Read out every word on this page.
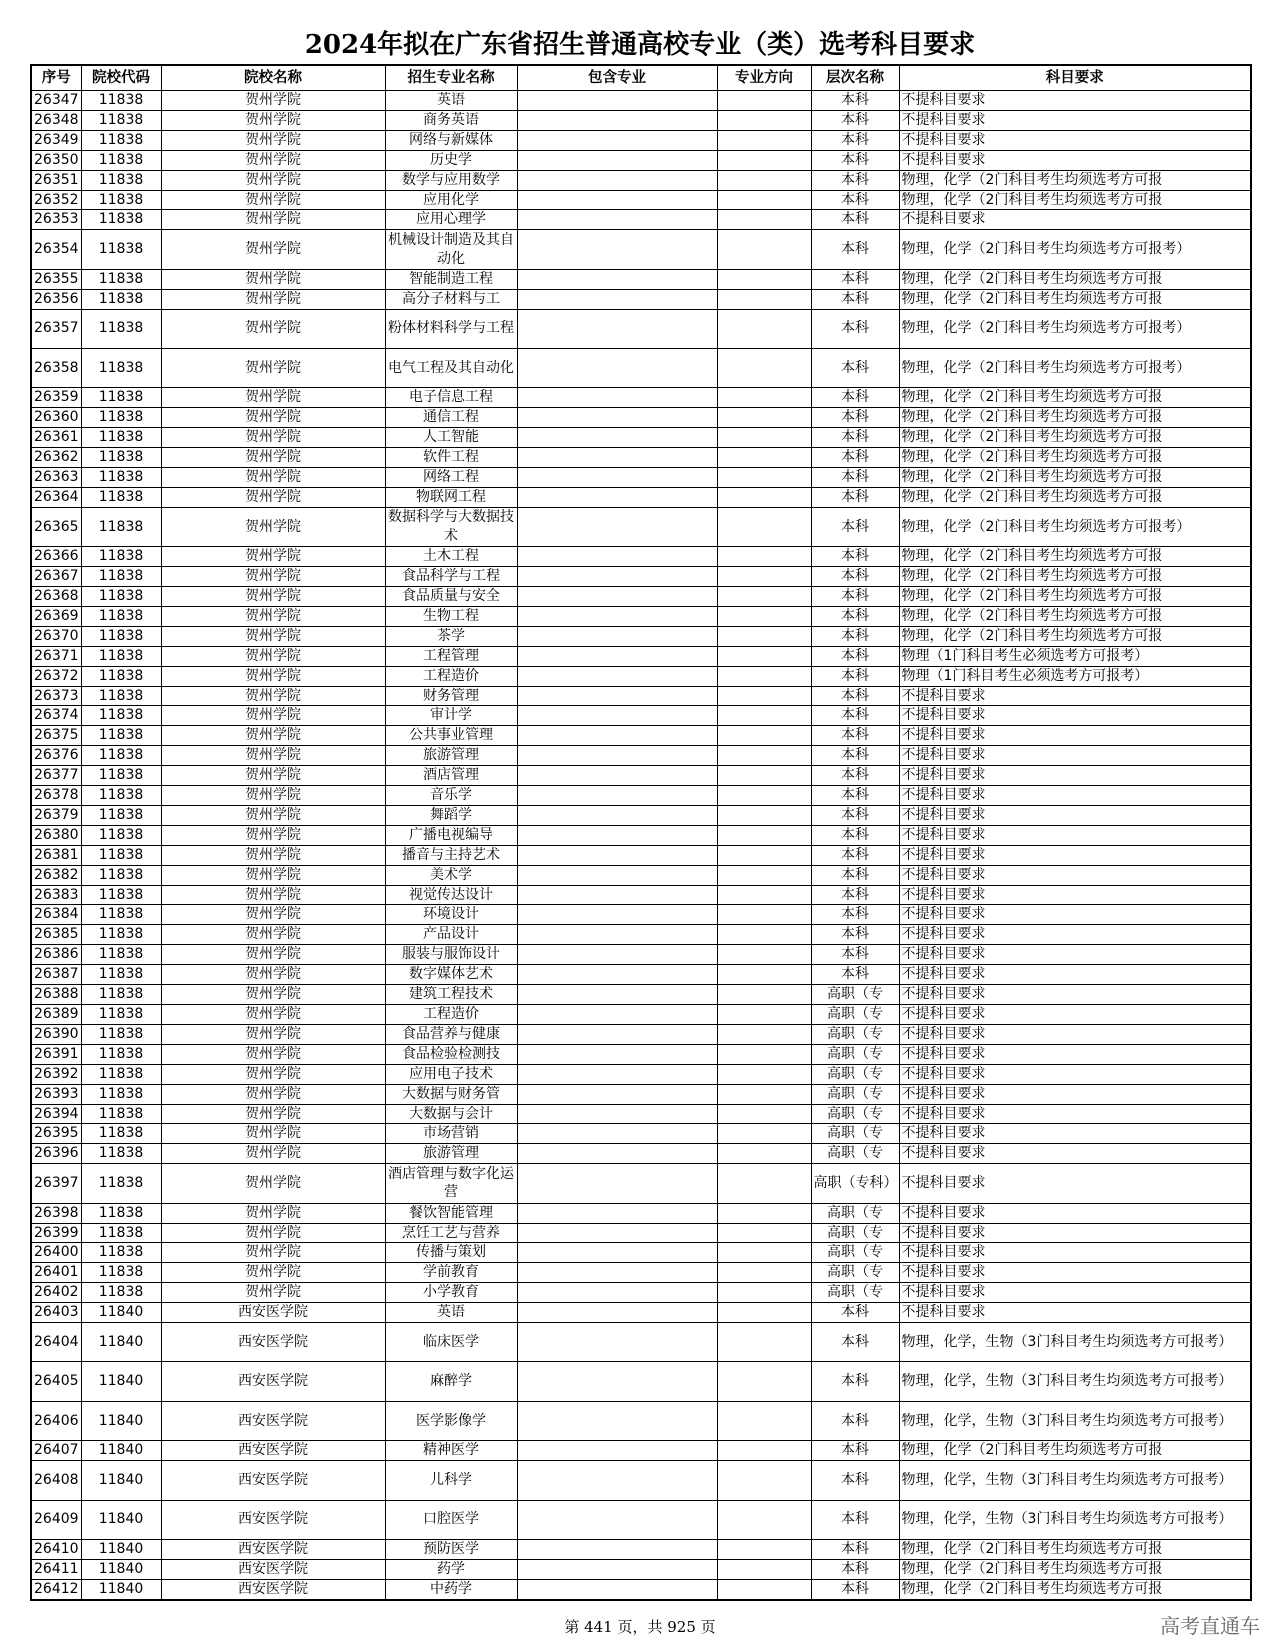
2024年拟在广东省招生普通高校专业（类）选考科目要求
序号	院校代码	院校名称	招生专业名称	包含专业	专业方向	层次名称	科目要求
26347	11838	贺州学院	英语			本科	不提科目要求
26348	11838	贺州学院	商务英语			本科	不提科目要求
26349	11838	贺州学院	网络与新媒体			本科	不提科目要求
26350	11838	贺州学院	历史学			本科	不提科目要求
26351	11838	贺州学院	数学与应用数学			本科	物理，化学（2门科目考生均须选考方可报
26352	11838	贺州学院	应用化学			本科	物理，化学（2门科目考生均须选考方可报
26353	11838	贺州学院	应用心理学			本科	不提科目要求
26354	11838	贺州学院	机械设计制造及其自动化			本科	物理，化学（2门科目考生均须选考方可报考）
26355	11838	贺州学院	智能制造工程			本科	物理，化学（2门科目考生均须选考方可报
26356	11838	贺州学院	高分子材料与工			本科	物理，化学（2门科目考生均须选考方可报
26357	11838	贺州学院	粉体材料科学与工程			本科	物理，化学（2门科目考生均须选考方可报考）
26358	11838	贺州学院	电气工程及其自动化			本科	物理，化学（2门科目考生均须选考方可报考）
26359	11838	贺州学院	电子信息工程			本科	物理，化学（2门科目考生均须选考方可报
26360	11838	贺州学院	通信工程			本科	物理，化学（2门科目考生均须选考方可报
26361	11838	贺州学院	人工智能			本科	物理，化学（2门科目考生均须选考方可报
26362	11838	贺州学院	软件工程			本科	物理，化学（2门科目考生均须选考方可报
26363	11838	贺州学院	网络工程			本科	物理，化学（2门科目考生均须选考方可报
26364	11838	贺州学院	物联网工程			本科	物理，化学（2门科目考生均须选考方可报
26365	11838	贺州学院	数据科学与大数据技术			本科	物理，化学（2门科目考生均须选考方可报考）
26366	11838	贺州学院	土木工程			本科	物理，化学（2门科目考生均须选考方可报
26367	11838	贺州学院	食品科学与工程			本科	物理，化学（2门科目考生均须选考方可报
26368	11838	贺州学院	食品质量与安全			本科	物理，化学（2门科目考生均须选考方可报
26369	11838	贺州学院	生物工程			本科	物理，化学（2门科目考生均须选考方可报
26370	11838	贺州学院	茶学			本科	物理，化学（2门科目考生均须选考方可报
26371	11838	贺州学院	工程管理			本科	物理（1门科目考生必须选考方可报考）
26372	11838	贺州学院	工程造价			本科	物理（1门科目考生必须选考方可报考）
26373	11838	贺州学院	财务管理			本科	不提科目要求
26374	11838	贺州学院	审计学			本科	不提科目要求
26375	11838	贺州学院	公共事业管理			本科	不提科目要求
26376	11838	贺州学院	旅游管理			本科	不提科目要求
26377	11838	贺州学院	酒店管理			本科	不提科目要求
26378	11838	贺州学院	音乐学			本科	不提科目要求
26379	11838	贺州学院	舞蹈学			本科	不提科目要求
26380	11838	贺州学院	广播电视编导			本科	不提科目要求
26381	11838	贺州学院	播音与主持艺术			本科	不提科目要求
26382	11838	贺州学院	美术学			本科	不提科目要求
26383	11838	贺州学院	视觉传达设计			本科	不提科目要求
26384	11838	贺州学院	环境设计			本科	不提科目要求
26385	11838	贺州学院	产品设计			本科	不提科目要求
26386	11838	贺州学院	服装与服饰设计			本科	不提科目要求
26387	11838	贺州学院	数字媒体艺术			本科	不提科目要求
26388	11838	贺州学院	建筑工程技术			高职（专	不提科目要求
26389	11838	贺州学院	工程造价			高职（专	不提科目要求
26390	11838	贺州学院	食品营养与健康			高职（专	不提科目要求
26391	11838	贺州学院	食品检验检测技			高职（专	不提科目要求
26392	11838	贺州学院	应用电子技术			高职（专	不提科目要求
26393	11838	贺州学院	大数据与财务管			高职（专	不提科目要求
26394	11838	贺州学院	大数据与会计			高职（专	不提科目要求
26395	11838	贺州学院	市场营销			高职（专	不提科目要求
26396	11838	贺州学院	旅游管理			高职（专	不提科目要求
26397	11838	贺州学院	酒店管理与数字化运营			高职（专科）	不提科目要求
26398	11838	贺州学院	餐饮智能管理			高职（专	不提科目要求
26399	11838	贺州学院	烹饪工艺与营养			高职（专	不提科目要求
26400	11838	贺州学院	传播与策划			高职（专	不提科目要求
26401	11838	贺州学院	学前教育			高职（专	不提科目要求
26402	11838	贺州学院	小学教育			高职（专	不提科目要求
26403	11840	西安医学院	英语			本科	不提科目要求
26404	11840	西安医学院	临床医学			本科	物理，化学，生物（3门科目考生均须选考方可报考）
26405	11840	西安医学院	麻醉学			本科	物理，化学，生物（3门科目考生均须选考方可报考）
26406	11840	西安医学院	医学影像学			本科	物理，化学，生物（3门科目考生均须选考方可报考）
26407	11840	西安医学院	精神医学			本科	物理，化学（2门科目考生均须选考方可报
26408	11840	西安医学院	儿科学			本科	物理，化学，生物（3门科目考生均须选考方可报考）
26409	11840	西安医学院	口腔医学			本科	物理，化学，生物（3门科目考生均须选考方可报考）
26410	11840	西安医学院	预防医学			本科	物理，化学（2门科目考生均须选考方可报
26411	11840	西安医学院	药学			本科	物理，化学（2门科目考生均须选考方可报
26412	11840	西安医学院	中药学			本科	物理，化学（2门科目考生均须选考方可报
第 441 页，共 925 页	高考直通车
